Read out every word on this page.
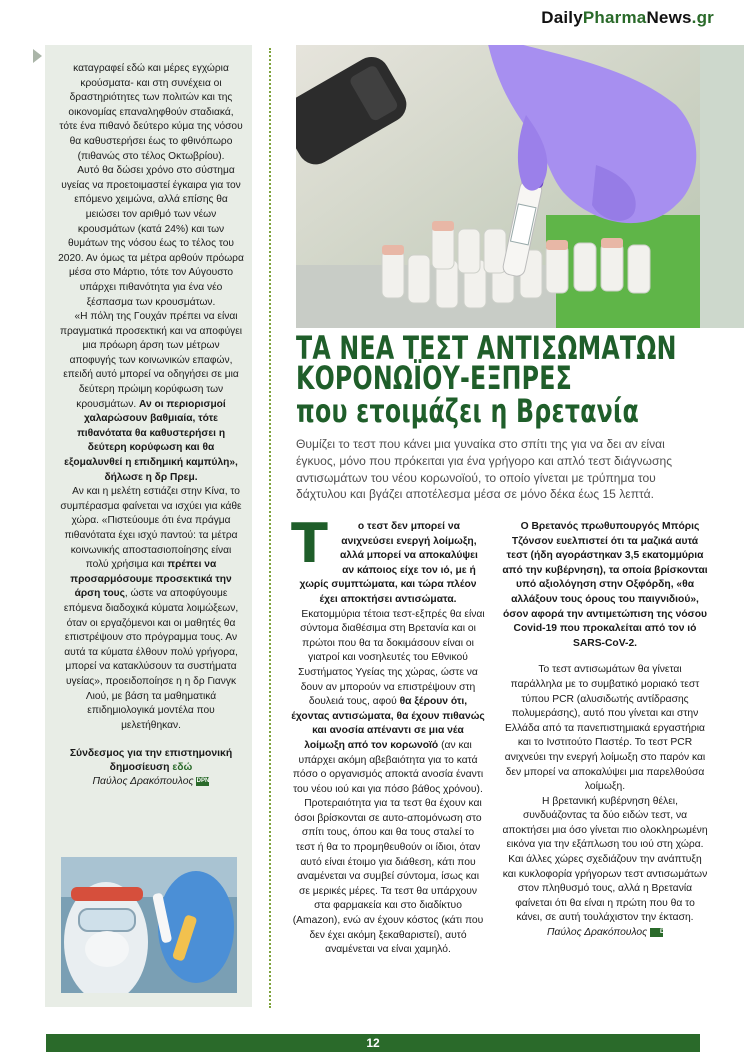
DailyPharmaNews.gr

καταγραφεί εδώ και μέρες εγχώρια κρούσματα- και στη συνέχεια οι δραστηριότητες των πολιτών και της οικονομίας επαναληφθούν σταδιακά, τότε ένα πιθανό δεύτερο κύμα της νόσου θα καθυστερήσει έως το φθινόπωρο (πιθανώς στο τέλος Οκτωβρίου).

Αυτό θα δώσει χρόνο στο σύστημα υγείας να προετοιμαστεί έγκαιρα για τον επόμενο χειμώνα, αλλά επίσης θα μειώσει τον αριθμό των νέων κρουσμάτων (κατά 24%) και των θυμάτων της νόσου έως το τέλος του 2020. Αν όμως τα μέτρα αρθούν πρόωρα μέσα στο Μάρτιο, τότε τον Αύγουστο υπάρχει πιθανότητα για ένα νέο ξέσπασμα των κρουσμάτων.

«Η πόλη της Γουχάν πρέπει να είναι πραγματικά προσεκτική και να αποφύγει μια πρόωρη άρση των μέτρων αποφυγής των κοινωνικών επαφών, επειδή αυτό μπορεί να οδηγήσει σε μια δεύτερη πρώιμη κορύφωση των κρουσμάτων. Αν οι περιορισμοί χαλαρώσουν βαθμιαία, τότε πιθανότατα θα καθυστερήσει η δεύτερη κορύφωση και θα εξομαλυνθεί η επιδημική καμπύλη», δήλωσε η δρ Πρεμ.

Αν και η μελέτη εστιάζει στην Κίνα, το συμπέρασμα φαίνεται να ισχύει για κάθε χώρα. «Πιστεύουμε ότι ένα πράγμα πιθανότατα έχει ισχύ παντού: τα μέτρα κοινωνικής αποστασιοποίησης είναι πολύ χρήσιμα και πρέπει να προσαρμόσουμε προσεκτικά την άρση τους, ώστε να αποφύγουμε επόμενα διαδοχικά κύματα λοιμώξεων, όταν οι εργαζόμενοι και οι μαθητές θα επιστρέψουν στο πρόγραμμα τους. Αν αυτά τα κύματα έλθουν πολύ γρήγορα, μπορεί να κατακλύσουν τα συστήματα υγείας», προειδοποίησε η η δρ Γιανγκ Λιού, με βάση τα μαθηματικά επιδημιολογικά μοντέλα που μελετήθηκαν.

Σύνδεσμος για την επιστημονική δημοσίευση εδώ
Παύλος Δρακόπουλος DPN
ΤΑ ΝΕΑ ΤΕΣΤ ΑΝΤΙΣΩΜΑΤΩΝ
ΚΟΡΟΝΩΪΟΥ-ΕΞΠΡΕΣ
που ετοιμάζει η Βρετανία
Θυμίζει το τεστ που κάνει μια γυναίκα στο σπίτι της για να δει αν είναι έγκυος, μόνο που πρόκειται για ένα γρήγορο και απλό τεστ διάγνωσης αντισωμάτων του νέου κορωνοϊού, το οποίο γίνεται με τρύπημα του δάχτυλου και βγάζει αποτέλεσμα μέσα σε μόνο δέκα έως 15 λεπτά.
Τ	ο τεστ δεν μπορεί να ανιχνεύσει ενεργή λοίμωξη, αλλά μπορεί να αποκαλύψει αν κάποιος είχε τον ιό, με ή χωρίς συμπτώματα, και τώρα πλέον έχει αποκτήσει αντισώματα.

Εκατομμύρια τέτοια τεστ-εξπρές θα είναι σύντομα διαθέσιμα στη Βρετανία και οι πρώτοι που θα τα δοκιμάσουν είναι οι γιατροί και νοσηλευτές του Εθνικού Συστήματος Υγείας της χώρας, ώστε να δουν αν μπορούν να επιστρέψουν στη δουλειά τους, αφού θα ξέρουν ότι, έχοντας αντισώματα, θα έχουν πιθανώς και ανοσία απέναντι σε μια νέα λοίμωξη από τον κορωνοϊό (αν και υπάρχει ακόμη αβεβαιότητα για το κατά πόσο ο οργανισμός αποκτά ανοσία έναντι του νέου ιού και για πόσο βάθος χρόνου).

Προτεραιότητα για τα τεστ θα έχουν και όσοι βρίσκονται σε αυτο-απομόνωση στο σπίτι τους, όπου και θα τους σταλεί το τεστ ή θα το προμηθευθούν οι ίδιοι, όταν αυτό είναι έτοιμο για διάθεση, κάτι που αναμένεται να συμβεί σύντομα, ίσως και σε μερικές μέρες. Τα τεστ θα υπάρχουν στα φαρμακεία και στο διαδίκτυο (Amazon), ενώ αν έχουν κόστος (κάτι που δεν έχει ακόμη ξεκαθαριστεί), αυτό αναμένεται να είναι χαμηλό.

Ο Βρετανός πρωθυπουργός Μπόρις Τζόνσον ευελπιστεί ότι τα μαζικά αυτά τεστ (ήδη αγοράστηκαν 3,5 εκατομμύρια από την κυβέρνηση), τα οποία βρίσκονται υπό αξιολόγηση στην Οξφόρδη, «θα αλλάξουν τους όρους του παιγνιδιού», όσον αφορά την αντιμετώπιση της νόσου Covid-19 που προκαλείται από τον ιό SARS-CoV-2.

Το τεστ αντισωμάτων θα γίνεται παράλληλα με το συμβατικό μοριακό τεστ τύπου PCR (αλυσιδωτής αντίδρασης πολυμεράσης), αυτό που γίνεται και στην Ελλάδα από τα πανεπιστημιακά εργαστήρια και το Ινστιτούτο Παστέρ. Το τεστ PCR ανιχνεύει την ενεργή λοίμωξη στο παρόν και δεν μπορεί να αποκαλύψει μια παρελθούσα λοίμωξη.

Η βρετανική κυβέρνηση θέλει, συνδυάζοντας τα δύο ειδών τεστ, να αποκτήσει μια όσο γίνεται πιο ολοκληρωμένη εικόνα για την εξάπλωση του ιού στη χώρα. Και άλλες χώρες σχεδιάζουν την ανάπτυξη και κυκλοφορία γρήγορων τεστ αντισωμάτων στον πληθυσμό τους, αλλά η Βρετανία φαίνεται ότι θα είναι η πρώτη που θα το κάνει, σε αυτή τουλάχιστον την έκταση. Παύλος Δρακόπουλος DPN

12
